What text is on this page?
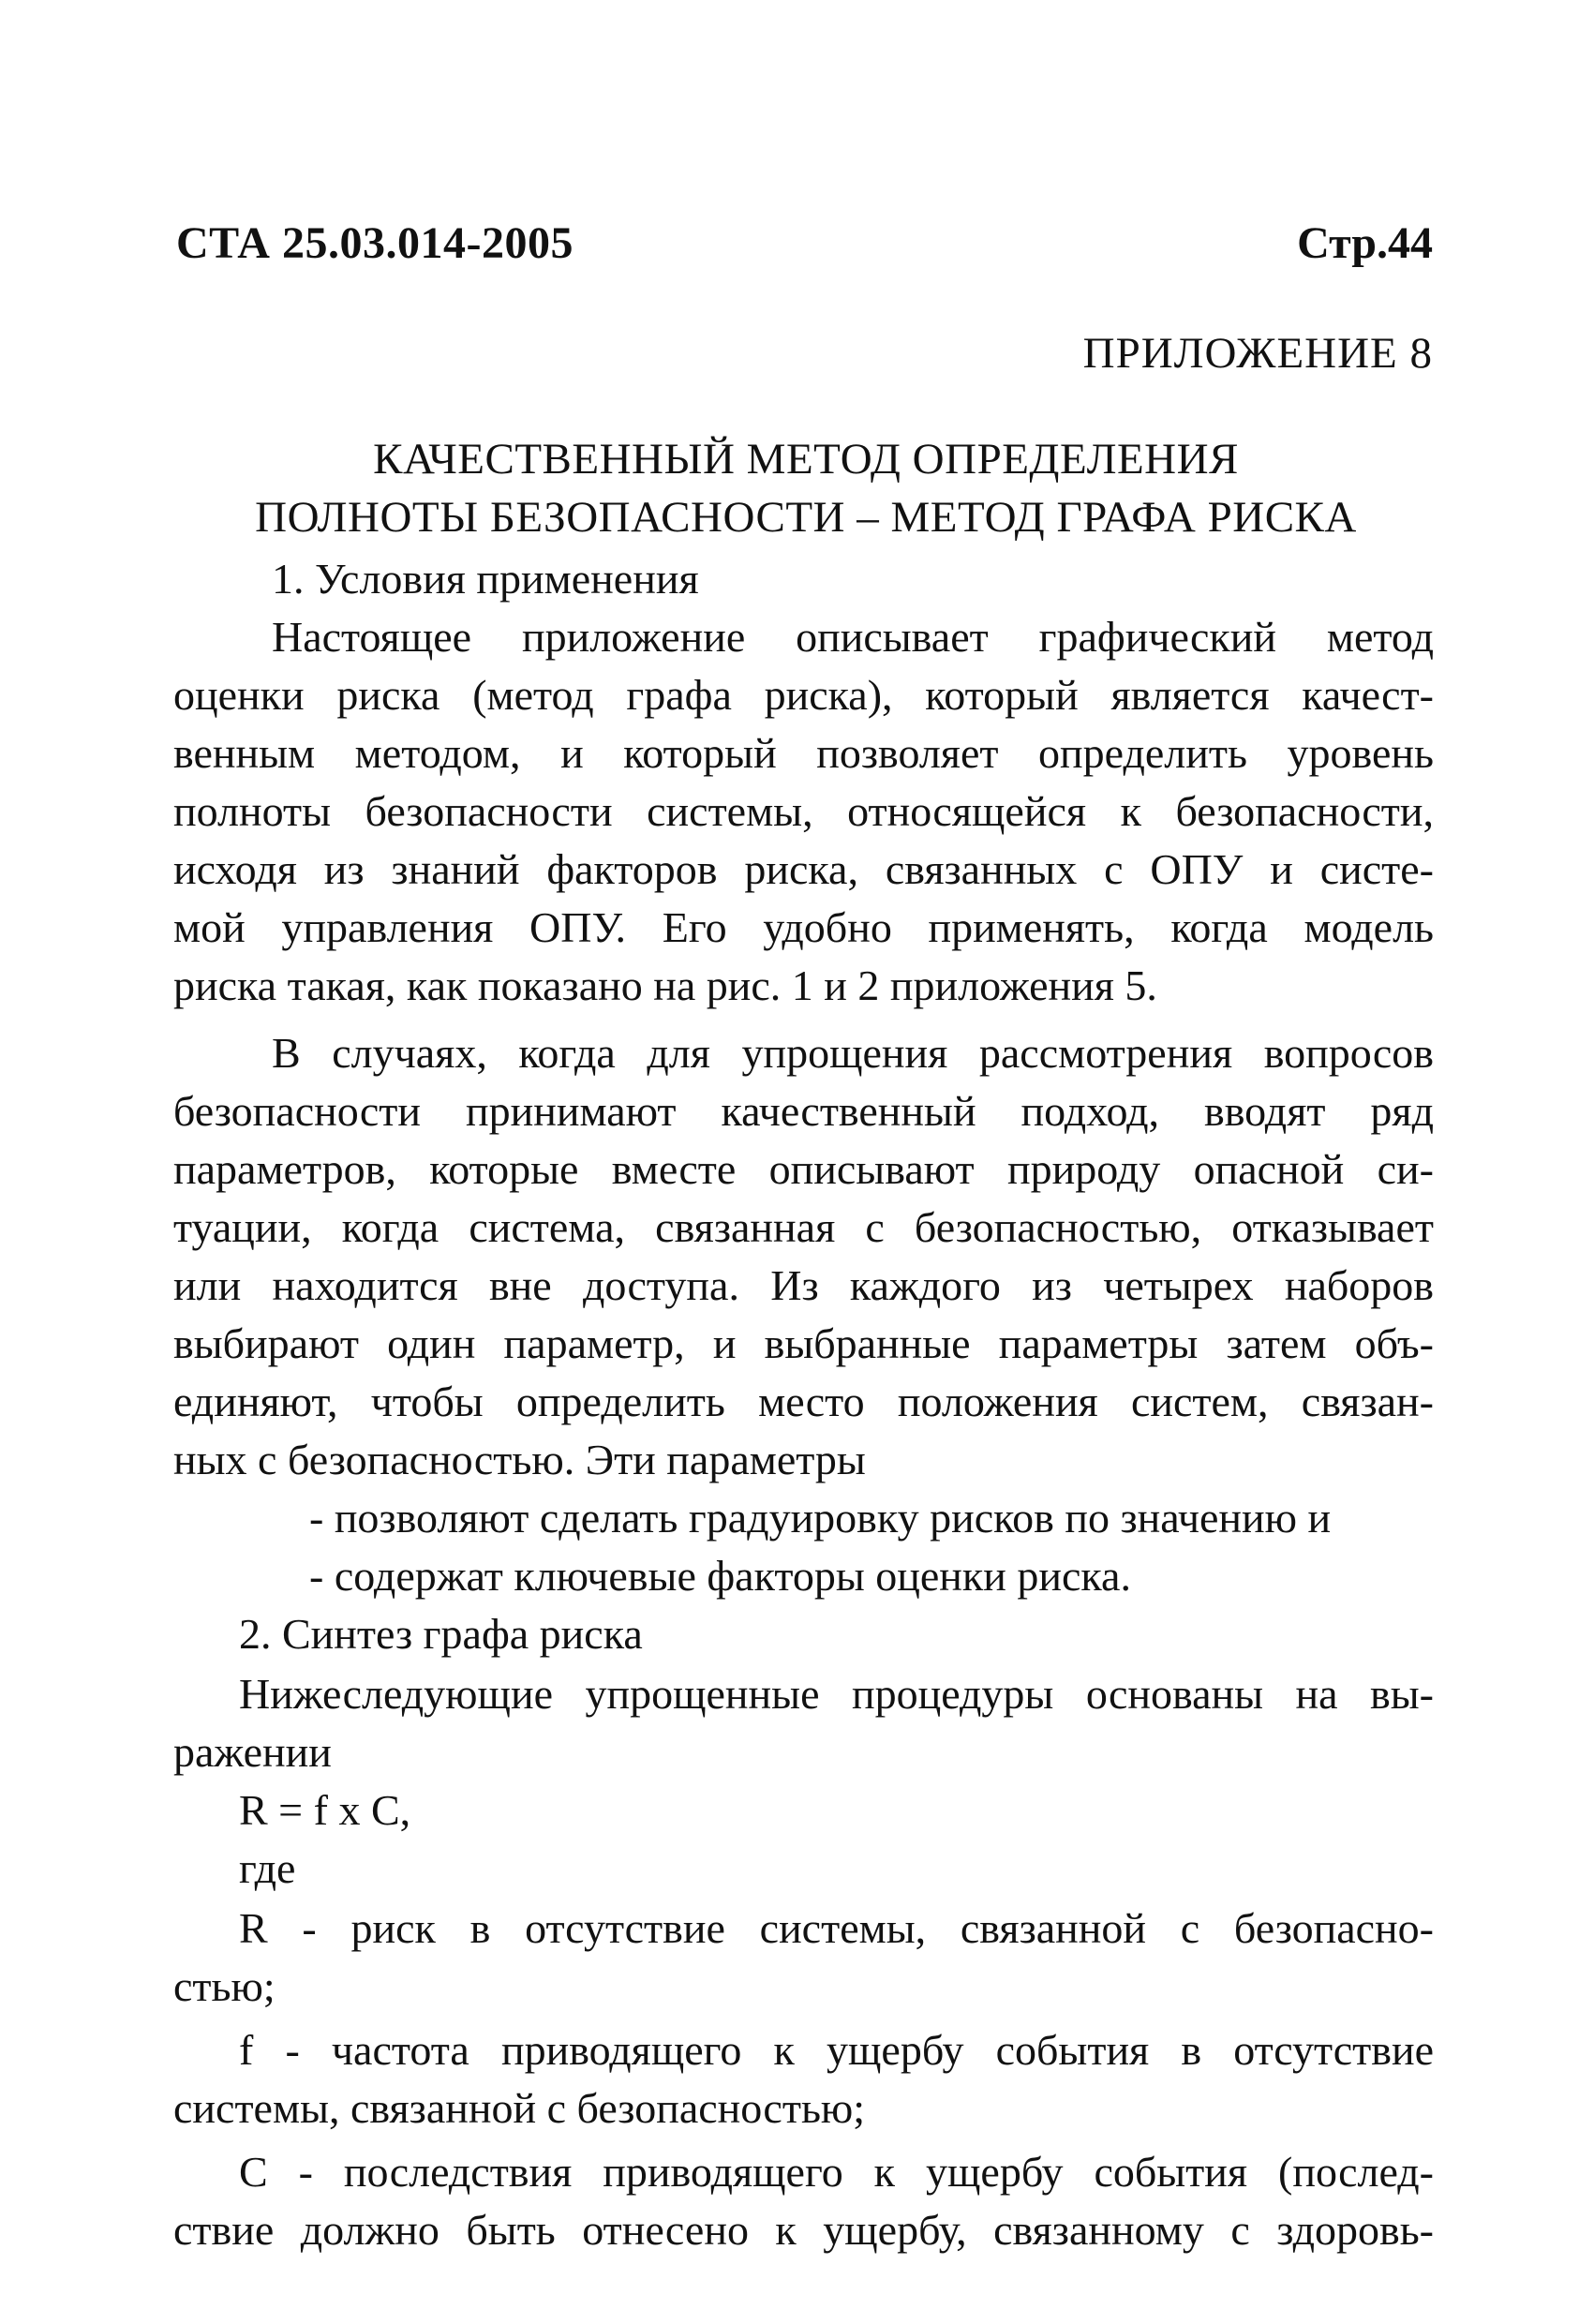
СТА 25.03.014-2005	Стр.44
ПРИЛОЖЕНИЕ 8
КАЧЕСТВЕННЫЙ МЕТОД ОПРЕДЕЛЕНИЯ
ПОЛНОТЫ БЕЗОПАСНОСТИ – МЕТОД ГРАФА РИСКА
1. Условия применения
Настоящее приложение описывает графический метод
оценки риска (метод графа риска), который является качест-
венным методом, и который позволяет определить уровень
полноты безопасности системы, относящейся к безопасности,
исходя из знаний факторов риска, связанных с ОПУ и систе-
мой управления ОПУ. Его удобно применять, когда модель
риска такая, как показано на рис. 1 и 2 приложения 5.
В случаях, когда для упрощения рассмотрения вопросов
безопасности принимают качественный подход, вводят ряд
параметров, которые вместе описывают природу опасной си-
туации, когда система, связанная с безопасностью, отказывает
или находится вне доступа. Из каждого из четырех наборов
выбирают один параметр, и выбранные параметры затем объ-
единяют, чтобы определить место положения систем, связан-
ных с безопасностью. Эти параметры
- позволяют сделать градуировку рисков по значению и
- содержат ключевые факторы оценки риска.
2. Синтез графа риска
Нижеследующие упрощенные процедуры основаны на вы-
ражении
R = f x C,
где
R - риск в отсутствие системы, связанной с безопасно-
стью;
f - частота приводящего к ущербу события в отсутствие
системы, связанной с безопасностью;
C - последствия приводящего к ущербу события (послед-
ствие должно быть отнесено к ущербу, связанному с здоровь-
